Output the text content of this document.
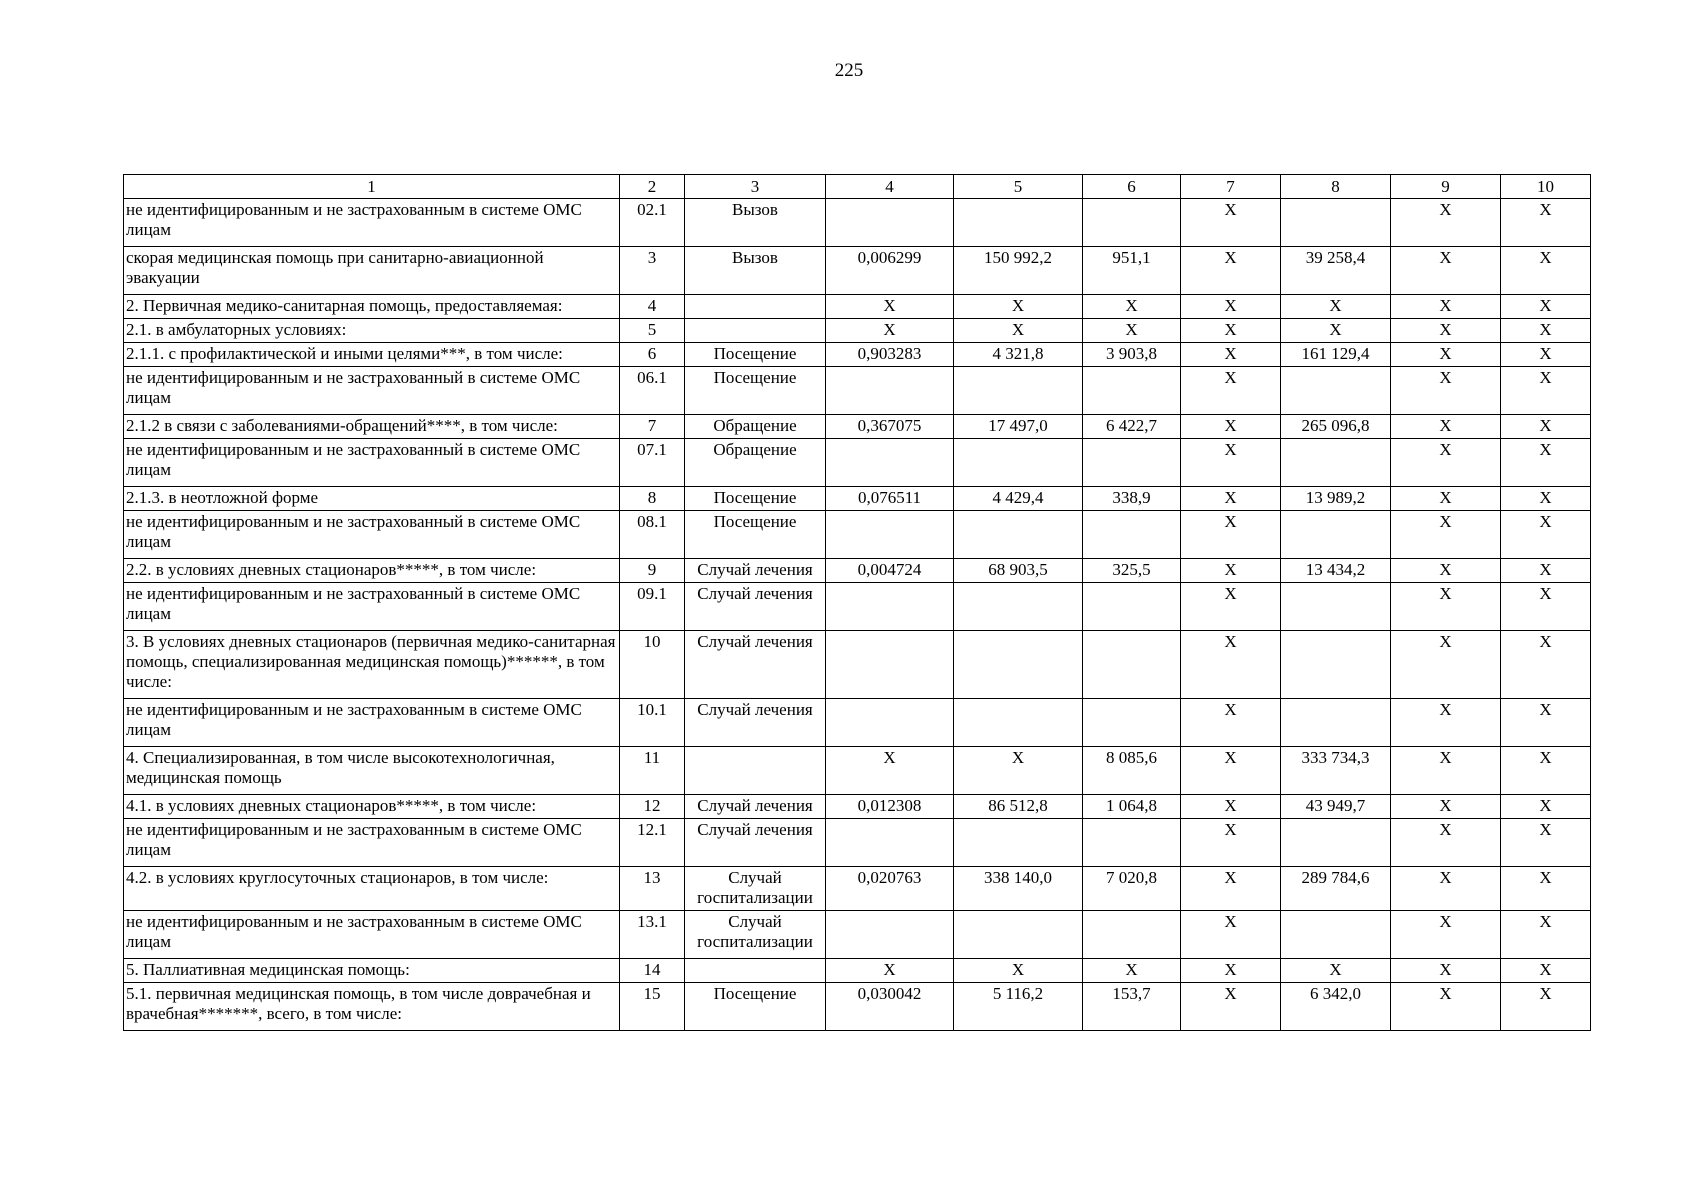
225
1	2	3	4	5	6	7	8	9	10
не идентифицированным и не застрахованным в системе ОМС лицам	02.1	Вызов				X		X	X
скорая медицинская помощь при санитарно-авиационной эвакуации	3	Вызов	0,006299	150 992,2	951,1	X	39 258,4	X	X
2. Первичная медико-санитарная помощь, предоставляемая:	4		X	X	X	X	X	X	X
2.1. в амбулаторных условиях:	5		X	X	X	X	X	X	X
2.1.1. с профилактической и иными целями***, в том числе:	6	Посещение	0,903283	4 321,8	3 903,8	X	161 129,4	X	X
не идентифицированным и не застрахованный в системе ОМС лицам	06.1	Посещение				X		X	X
2.1.2 в связи с заболеваниями-обращений****, в том числе:	7	Обращение	0,367075	17 497,0	6 422,7	X	265 096,8	X	X
не идентифицированным и не застрахованный в системе ОМС лицам	07.1	Обращение				X		X	X
2.1.3. в неотложной форме	8	Посещение	0,076511	4 429,4	338,9	X	13 989,2	X	X
не идентифицированным и не застрахованный в системе ОМС лицам	08.1	Посещение				X		X	X
2.2. в условиях дневных стационаров*****, в том числе:	9	Случай лечения	0,004724	68 903,5	325,5	X	13 434,2	X	X
не идентифицированным и не застрахованный в системе ОМС лицам	09.1	Случай лечения				X		X	X
3. В условиях дневных стационаров (первичная медико-санитарная помощь, специализированная медицинская помощь)******, в том числе:	10	Случай лечения				X		X	X
не идентифицированным и не застрахованным в системе ОМС лицам	10.1	Случай лечения				X		X	X
4. Специализированная, в том числе высокотехнологичная, медицинская помощь	11		X	X	8 085,6	X	333 734,3	X	X
4.1. в условиях дневных стационаров*****, в том числе:	12	Случай лечения	0,012308	86 512,8	1 064,8	X	43 949,7	X	X
не идентифицированным и не застрахованным в системе ОМС лицам	12.1	Случай лечения				X		X	X
4.2. в условиях круглосуточных стационаров, в том числе:	13	Случай госпитализации	0,020763	338 140,0	7 020,8	X	289 784,6	X	X
не идентифицированным и не застрахованным в системе ОМС лицам	13.1	Случай госпитализации				X		X	X
5. Паллиативная медицинская помощь:	14		X	X	X	X	X	X	X
5.1. первичная медицинская помощь, в том числе доврачебная и врачебная*******, всего, в том числе:	15	Посещение	0,030042	5 116,2	153,7	X	6 342,0	X	X
